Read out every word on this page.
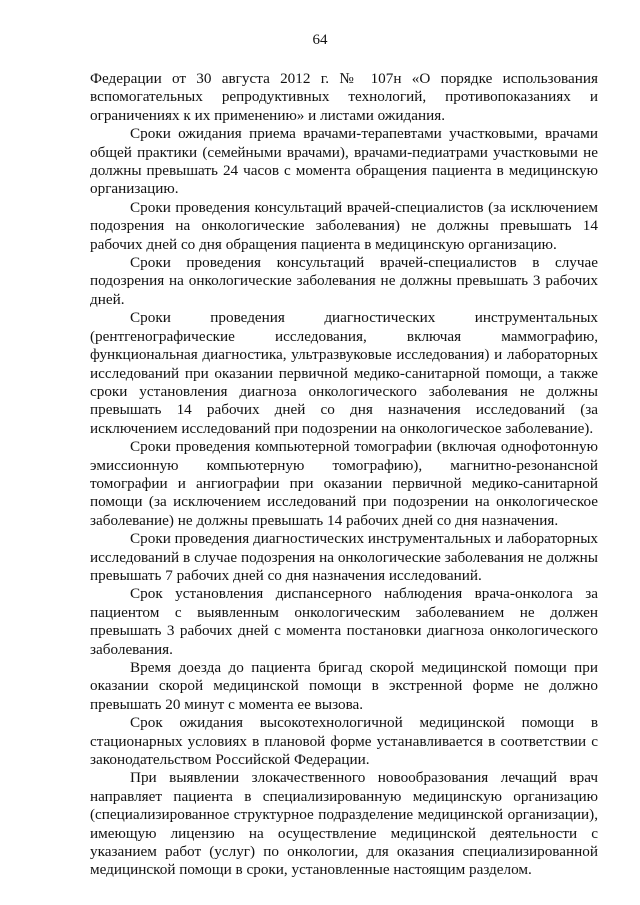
64

Федерации от 30 августа 2012 г. № 107н «О порядке использования вспомогательных репродуктивных технологий, противопоказаниях и ограничениях к их применению» и листами ожидания.

Сроки ожидания приема врачами-терапевтами участковыми, врачами общей практики (семейными врачами), врачами-педиатрами участковыми не должны превышать 24 часов с момента обращения пациента в медицинскую организацию.

Сроки проведения консультаций врачей-специалистов (за исключением подозрения на онкологические заболевания) не должны превышать 14 рабочих дней со дня обращения пациента в медицинскую организацию.

Сроки проведения консультаций врачей-специалистов в случае подозрения на онкологические заболевания не должны превышать 3 рабочих дней.

Сроки проведения диагностических инструментальных (рентгенографические исследования, включая маммографию, функциональная диагностика, ультразвуковые исследования) и лабораторных исследований при оказании первичной медико-санитарной помощи, а также сроки установления диагноза онкологического заболевания не должны превышать 14 рабочих дней со дня назначения исследований (за исключением исследований при подозрении на онкологическое заболевание).

Сроки проведения компьютерной томографии (включая однофотонную эмиссионную компьютерную томографию), магнитно-резонансной томографии и ангиографии при оказании первичной медико-санитарной помощи (за исключением исследований при подозрении на онкологическое заболевание) не должны превышать 14 рабочих дней со дня назначения.

Сроки проведения диагностических инструментальных и лабораторных исследований в случае подозрения на онкологические заболевания не должны превышать 7 рабочих дней со дня назначения исследований.

Срок установления диспансерного наблюдения врача-онколога за пациентом с выявленным онкологическим заболеванием не должен превышать 3 рабочих дней с момента постановки диагноза онкологического заболевания.

Время доезда до пациента бригад скорой медицинской помощи при оказании скорой медицинской помощи в экстренной форме не должно превышать 20 минут с момента ее вызова.

Срок ожидания высокотехнологичной медицинской помощи в стационарных условиях в плановой форме устанавливается в соответствии с законодательством Российской Федерации.

При выявлении злокачественного новообразования лечащий врач направляет пациента в специализированную медицинскую организацию (специализированное структурное подразделение медицинской организации), имеющую лицензию на осуществление медицинской деятельности с указанием работ (услуг) по онкологии, для оказания специализированной медицинской помощи в сроки, установленные настоящим разделом.
